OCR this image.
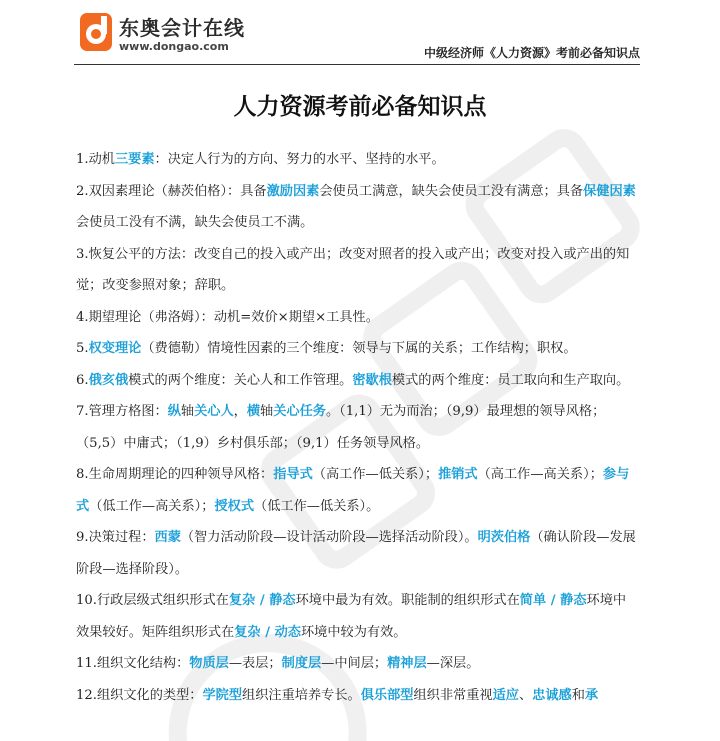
东奥会计在线
www.dongao.com	中级经济师《人力资源》考前必备知识点
人力资源考前必备知识点

1.动机三要素：决定人行为的方向、努力的水平、坚持的水平。

2.双因素理论（赫茨伯格）：具备激励因素会使员工满意，缺失会使员工没有满意；具备保健因素会使员工没有不满，缺失会使员工不满。

3.恢复公平的方法：改变自己的投入或产出；改变对照者的投入或产出；改变对投入或产出的知觉；改变参照对象；辞职。

4.期望理论（弗洛姆）：动机=效价×期望×工具性。

5.权变理论（费德勒）情境性因素的三个维度：领导与下属的关系；工作结构；职权。

6.俄亥俄模式的两个维度：关心人和工作管理。密歇根模式的两个维度：员工取向和生产取向。

7.管理方格图：纵轴关心人，横轴关心任务。（1,1）无为而治；（9,9）最理想的领导风格；（5,5）中庸式；（1,9）乡村俱乐部；（9,1）任务领导风格。

8.生命周期理论的四种领导风格：指导式（高工作—低关系）；推销式（高工作—高关系）；参与式（低工作—高关系）；授权式（低工作—低关系）。

9.决策过程：西蒙（智力活动阶段—设计活动阶段—选择活动阶段）。明茨伯格（确认阶段—发展阶段—选择阶段）。

10.行政层级式组织形式在复杂 / 静态环境中最为有效。职能制的组织形式在简单 / 静态环境中效果较好。矩阵组织形式在复杂 / 动态环境中较为有效。

11.组织文化结构：物质层—表层；制度层—中间层；精神层—深层。

12.组织文化的类型：学院型组织注重培养专长。俱乐部型组织非常重视适应、忠诚感和承
